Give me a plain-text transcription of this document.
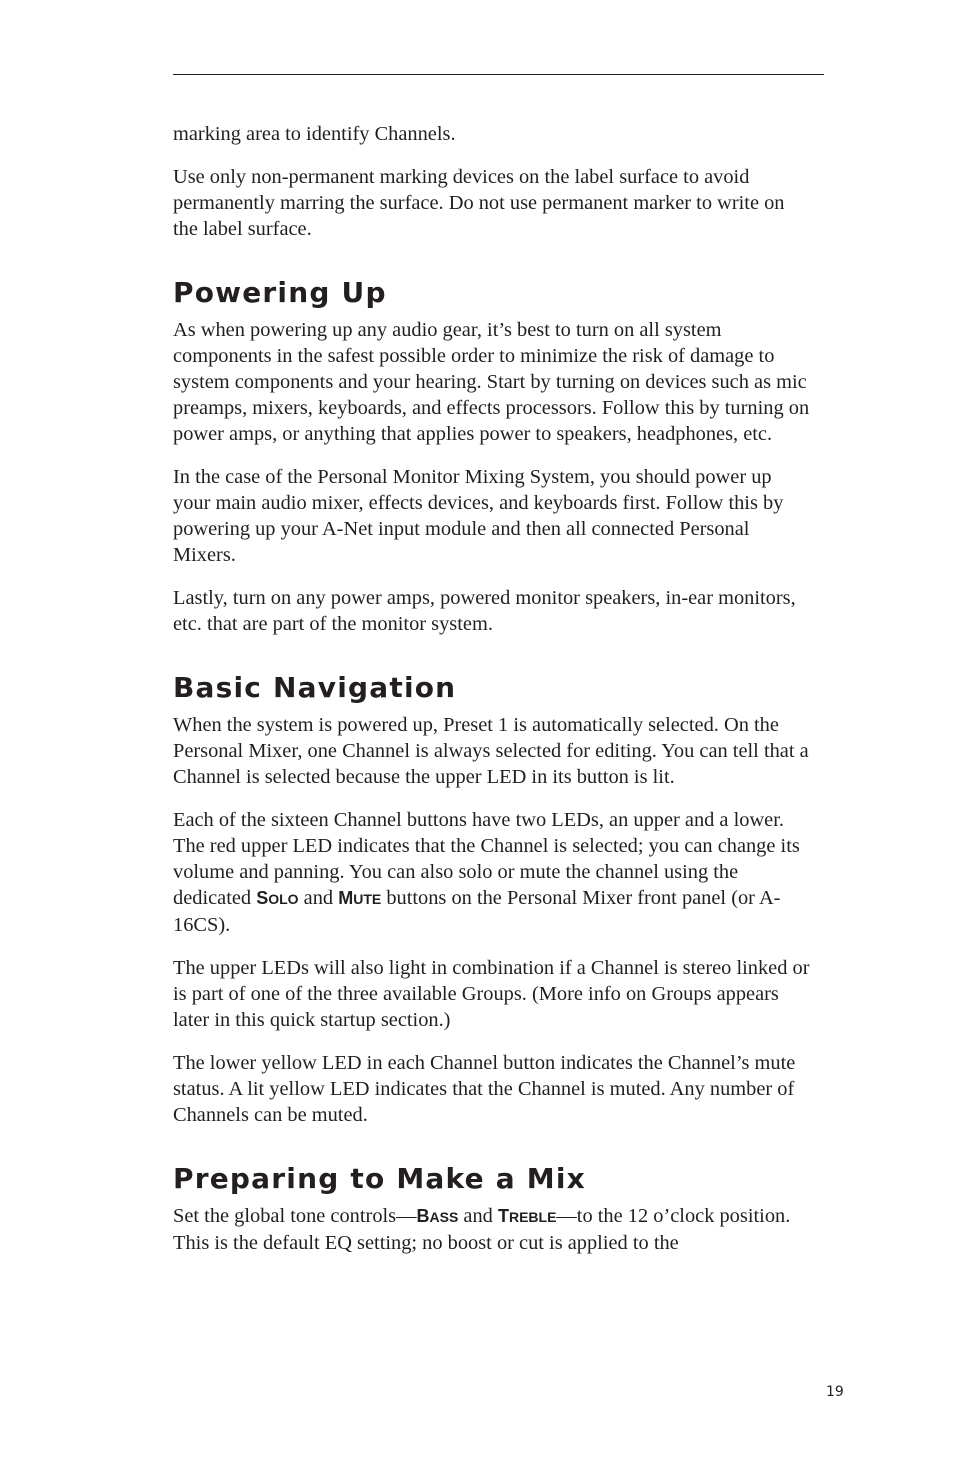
marking area to identify Channels.

Use only non-permanent marking devices on the label surface to avoid permanently marring the surface. Do not use permanent marker to write on the label surface.

Powering Up

As when powering up any audio gear, it’s best to turn on all system components in the safest possible order to minimize the risk of damage to system components and your hearing. Start by turning on devices such as mic preamps, mixers, keyboards, and effects processors. Follow this by turning on power amps, or anything that applies power to speakers, headphones, etc.

In the case of the Personal Monitor Mixing System, you should power up your main audio mixer, effects devices, and keyboards first. Follow this by powering up your A-Net input module and then all connected Personal Mixers.

Lastly, turn on any power amps, powered monitor speakers, in-ear monitors, etc. that are part of the monitor system.

Basic Navigation

When the system is powered up, Preset 1 is automatically selected. On the Personal Mixer, one Channel is always selected for editing. You can tell that a Channel is selected because the upper LED in its button is lit.

Each of the sixteen Channel buttons have two LEDs, an upper and a lower. The red upper LED indicates that the Channel is selected; you can change its volume and panning. You can also solo or mute the channel using the dedicated SOLO and MUTE buttons on the Personal Mixer front panel (or A-16CS).

The upper LEDs will also light in combination if a Channel is stereo linked or is part of one of the three available Groups. (More info on Groups appears later in this quick startup section.)

The lower yellow LED in each Channel button indicates the Channel’s mute status. A lit yellow LED indicates that the Channel is muted. Any number of Channels can be muted.

Preparing to Make a Mix

Set the global tone controls—BASS and TREBLE—to the 12 o’clock position. This is the default EQ setting; no boost or cut is applied to the

19
